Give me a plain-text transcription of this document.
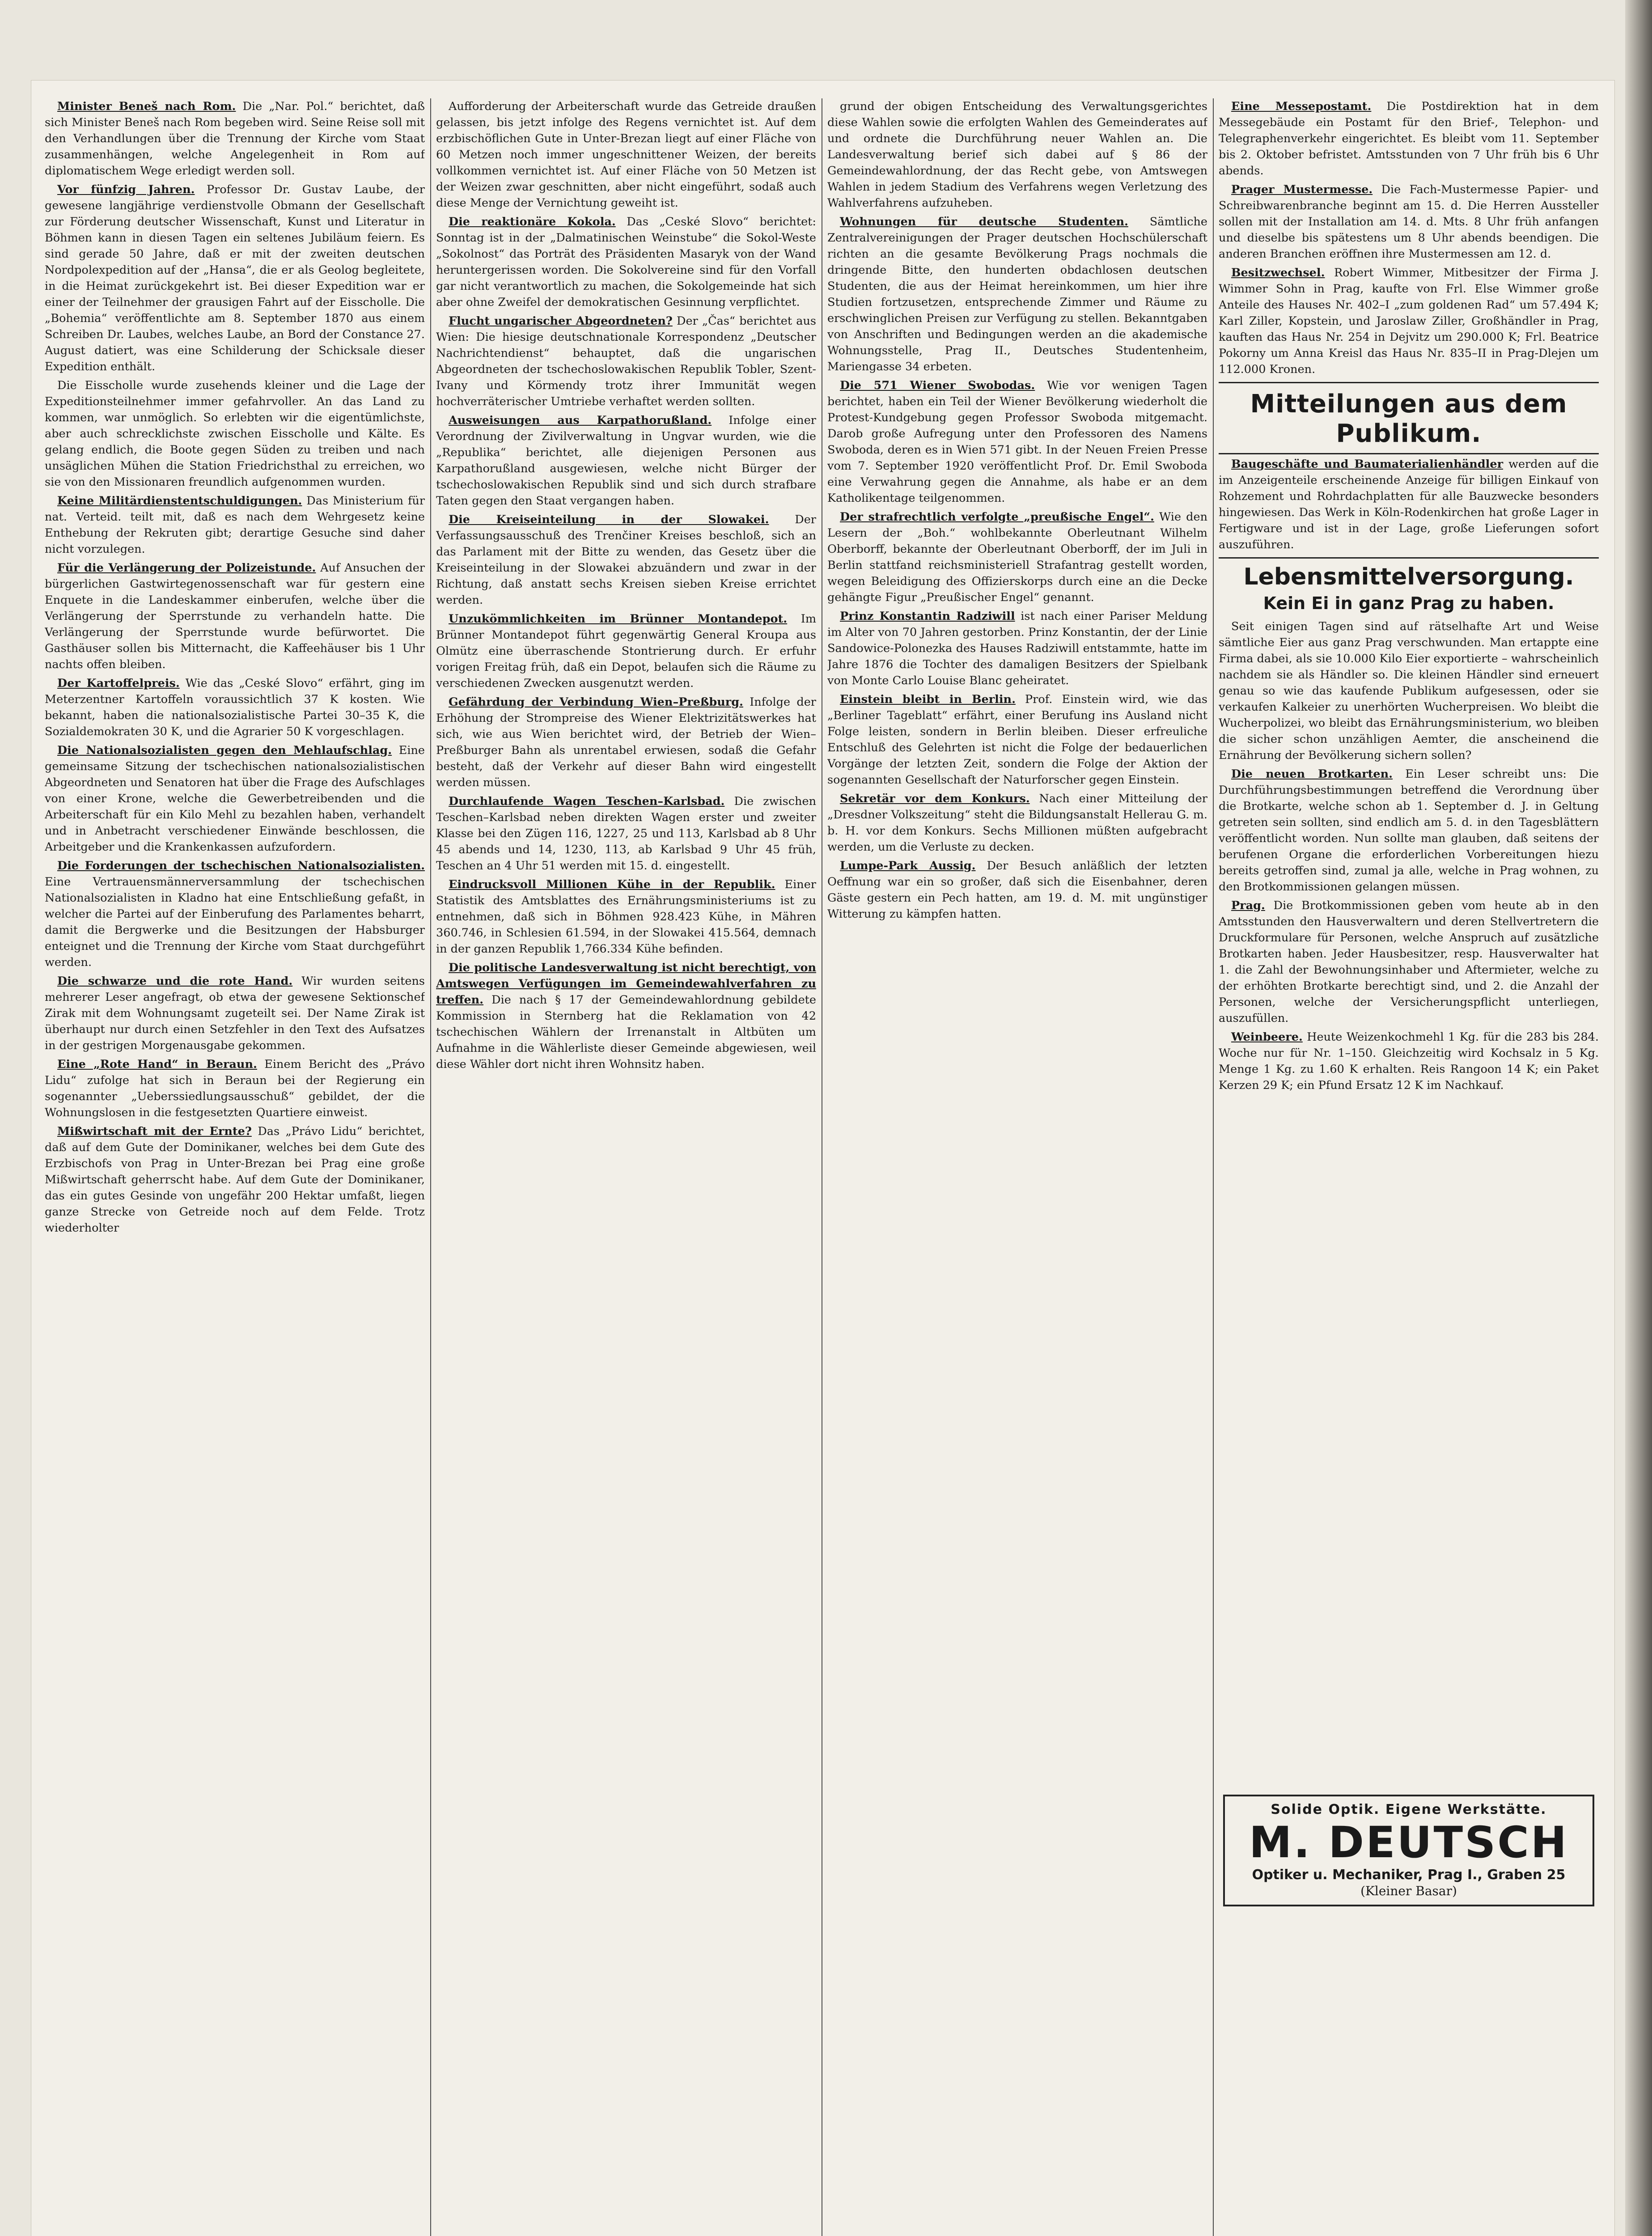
Minister Beneš nach Rom. Die „Nar. Pol.“ berichtet, daß sich Minister Beneš nach Rom begeben wird. Seine Reise soll mit den Verhandlungen über die Trennung der Kirche vom Staat zusammenhängen, welche Angelegenheit in Rom auf diplomatischem Wege erledigt werden soll.

Vor fünfzig Jahren. Professor Dr. Gustav Laube, der gewesene langjährige verdienstvolle Obmann der Gesellschaft zur Förderung deutscher Wissenschaft, Kunst und Literatur in Böhmen kann in diesen Tagen ein seltenes Jubiläum feiern. Es sind gerade 50 Jahre, daß er mit der zweiten deutschen Nordpolexpedition auf der „Hansa“, die er als Geolog begleitete, in die Heimat zurückgekehrt ist. Bei dieser Expedition war er einer der Teilnehmer der grausigen Fahrt auf der Eisscholle. Die „Bohemia“ veröffentlichte am 8. September 1870 aus einem Schreiben Dr. Laubes, welches Laube, an Bord der Constance 27. August datiert, was eine Schilderung der Schicksale dieser Expedition enthält.

Die Eisscholle wurde zusehends kleiner und die Lage der Expeditionsteilnehmer immer gefahrvoller. An das Land zu kommen, war unmöglich. So erlebten wir die eigentümlichste, aber auch schrecklichste zwischen Eisscholle und Kälte. Es gelang endlich, die Boote gegen Süden zu treiben und nach unsäglichen Mühen die Station Friedrichsthal zu erreichen, wo sie von den Missionaren freundlich aufgenommen wurden.

Keine Militärdienstentschuldigungen. Das Ministerium für nat. Verteid. teilt mit, daß es nach dem Wehrgesetz keine Enthebung der Rekruten gibt; derartige Gesuche sind daher nicht vorzulegen.

Für die Verlängerung der Polizeistunde. Auf Ansuchen der bürgerlichen Gastwirtegenossenschaft war für gestern eine Enquete in die Landeskammer einberufen, welche über die Verlängerung der Sperrstunde zu verhandeln hatte. Die Verlängerung der Sperrstunde wurde befürwortet. Die Gasthäuser sollen bis Mitternacht, die Kaffeehäuser bis 1 Uhr nachts offen bleiben.

Der Kartoffelpreis. Wie das „Ceské Slovo“ erfährt, ging im Meterzentner Kartoffeln voraussichtlich 37 K kosten. Wie bekannt, haben die nationalsozialistische Partei 30–35 K, die Sozialdemokraten 30 K, und die Agrarier 50 K vorgeschlagen.

Die Nationalsozialisten gegen den Mehlaufschlag. Eine gemeinsame Sitzung der tschechischen nationalsozialistischen Abgeordneten und Senatoren hat über die Frage des Aufschlages von einer Krone, welche die Gewerbetreibenden und die Arbeiterschaft für ein Kilo Mehl zu bezahlen haben, verhandelt und in Anbetracht verschiedener Einwände beschlossen, die Arbeitgeber und die Krankenkassen aufzufordern.

Die Forderungen der tschechischen Nationalsozialisten. Eine Vertrauensmännerversammlung der tschechischen Nationalsozialisten in Kladno hat eine Entschließung gefaßt, in welcher die Partei auf der Einberufung des Parlamentes beharrt, damit die Bergwerke und die Besitzungen der Habsburger enteignet und die Trennung der Kirche vom Staat durchgeführt werden.

Die schwarze und die rote Hand. Wir wurden seitens mehrerer Leser angefragt, ob etwa der gewesene Sektionschef Zirak mit dem Wohnungsamt zugeteilt sei. Der Name Zirak ist überhaupt nur durch einen Setzfehler in den Text des Aufsatzes in der gestrigen Morgenausgabe gekommen.

Eine „Rote Hand“ in Beraun. Einem Bericht des „Právo Lidu“ zufolge hat sich in Beraun bei der Regierung ein sogenannter „Ueberssiedlungsausschuß“ gebildet, der die Wohnungslosen in die festgesetzten Quartiere einweist.

Mißwirtschaft mit der Ernte? Das „Právo Lidu“ berichtet, daß auf dem Gute der Dominikaner, welches bei dem Gute des Erzbischofs von Prag in Unter-Brezan bei Prag eine große Mißwirtschaft geherrscht habe. Auf dem Gute der Dominikaner, das ein gutes Gesinde von ungefähr 200 Hektar umfaßt, liegen ganze Strecke von Getreide noch auf dem Felde. Trotz wiederholter

Aufforderung der Arbeiterschaft wurde das Getreide draußen gelassen, bis jetzt infolge des Regens vernichtet ist. Auf dem erzbischöflichen Gute in Unter-Brezan liegt auf einer Fläche von 60 Metzen noch immer ungeschnittener Weizen, der bereits vollkommen vernichtet ist. Auf einer Fläche von 50 Metzen ist der Weizen zwar geschnitten, aber nicht eingeführt, sodaß auch diese Menge der Vernichtung geweiht ist.

Die reaktionäre Kokola. Das „Ceské Slovo“ berichtet: Sonntag ist in der „Dalmatinischen Weinstube“ die Sokol-Weste „Sokolnost“ das Porträt des Präsidenten Masaryk von der Wand heruntergerissen worden. Die Sokolvereine sind für den Vorfall gar nicht verantwortlich zu machen, die Sokolgemeinde hat sich aber ohne Zweifel der demokratischen Gesinnung verpflichtet.

Flucht ungarischer Abgeordneten? Der „Čas“ berichtet aus Wien: Die hiesige deutschnationale Korrespondenz „Deutscher Nachrichtendienst“ behauptet, daß die ungarischen Abgeordneten der tschechoslowakischen Republik Tobler, Szent-Ivany und Körmendy trotz ihrer Immunität wegen hochverräterischer Umtriebe verhaftet werden sollten.

Ausweisungen aus Karpathorußland. Infolge einer Verordnung der Zivilverwaltung in Ungvar wurden, wie die „Republika“ berichtet, alle diejenigen Personen aus Karpathorußland ausgewiesen, welche nicht Bürger der tschechoslowakischen Republik sind und sich durch strafbare Taten gegen den Staat vergangen haben.

Die Kreiseinteilung in der Slowakei. Der Verfassungsausschuß des Trenčiner Kreises beschloß, sich an das Parlament mit der Bitte zu wenden, das Gesetz über die Kreiseinteilung in der Slowakei abzuändern und zwar in der Richtung, daß anstatt sechs Kreisen sieben Kreise errichtet werden.

Unzukömmlichkeiten im Brünner Montandepot. Im Brünner Montandepot führt gegenwärtig General Kroupa aus Olmütz eine überraschende Stontrierung durch. Er erfuhr vorigen Freitag früh, daß ein Depot, belaufen sich die Räume zu verschiedenen Zwecken ausgenutzt werden.

Gefährdung der Verbindung Wien–Preßburg. Infolge der Erhöhung der Strompreise des Wiener Elektrizitätswerkes hat sich, wie aus Wien berichtet wird, der Betrieb der Wien–Preßburger Bahn als unrentabel erwiesen, sodaß die Gefahr besteht, daß der Verkehr auf dieser Bahn wird eingestellt werden müssen.

Durchlaufende Wagen Teschen–Karlsbad. Die zwischen Teschen–Karlsbad neben direkten Wagen erster und zweiter Klasse bei den Zügen 116, 1227, 25 und 113, Karlsbad ab 8 Uhr 45 abends und 14, 1230, 113, ab Karlsbad 9 Uhr 45 früh, Teschen an 4 Uhr 51 werden mit 15. d. eingestellt.

Eindrucksvoll Millionen Kühe in der Republik. Einer Statistik des Amtsblattes des Ernährungsministeriums ist zu entnehmen, daß sich in Böhmen 928.423 Kühe, in Mähren 360.746, in Schlesien 61.594, in der Slowakei 415.564, demnach in der ganzen Republik 1,766.334 Kühe befinden.

Die politische Landesverwaltung ist nicht berechtigt, von Amtswegen Verfügungen im Gemeindewahlverfahren zu treffen. Die nach § 17 der Gemeindewahlordnung gebildete Kommission in Sternberg hat die Reklamation von 42 tschechischen Wählern der Irrenanstalt in Altbüten um Aufnahme in die Wählerliste dieser Gemeinde abgewiesen, weil diese Wähler dort nicht ihren Wohnsitz haben.

grund der obigen Entscheidung des Verwaltungsgerichtes diese Wahlen sowie die erfolgten Wahlen des Gemeinderates auf und ordnete die Durchführung neuer Wahlen an. Die Landesverwaltung berief sich dabei auf § 86 der Gemeindewahlordnung, der das Recht gebe, von Amtswegen Wahlen in jedem Stadium des Verfahrens wegen Verletzung des Wahlverfahrens aufzuheben.

Wohnungen für deutsche Studenten. Sämtliche Zentralvereinigungen der Prager deutschen Hochschülerschaft richten an die gesamte Bevölkerung Prags nochmals die dringende Bitte, den hunderten obdachlosen deutschen Studenten, die aus der Heimat hereinkommen, um hier ihre Studien fortzusetzen, entsprechende Zimmer und Räume zu erschwinglichen Preisen zur Verfügung zu stellen. Bekanntgaben von Anschriften und Bedingungen werden an die akademische Wohnungsstelle, Prag II., Deutsches Studentenheim, Mariengasse 34 erbeten.

Die 571 Wiener Swobodas. Wie vor wenigen Tagen berichtet, haben ein Teil der Wiener Bevölkerung wiederholt die Protest-Kundgebung gegen Professor Swoboda mitgemacht. Darob große Aufregung unter den Professoren des Namens Swoboda, deren es in Wien 571 gibt. In der Neuen Freien Presse vom 7. September 1920 veröffentlicht Prof. Dr. Emil Swoboda eine Verwahrung gegen die Annahme, als habe er an dem Katholikentage teilgenommen.

Der strafrechtlich verfolgte „preußische Engel“. Wie den Lesern der „Boh.“ wohlbekannte Oberleutnant Wilhelm Oberborff, bekannte der Oberleutnant Oberborff, der im Juli in Berlin stattfand reichsministeriell Strafantrag gestellt worden, wegen Beleidigung des Offizierskorps durch eine an die Decke gehängte Figur „Preußischer Engel“ genannt.

Prinz Konstantin Radziwill ist nach einer Pariser Meldung im Alter von 70 Jahren gestorben. Prinz Konstantin, der der Linie Sandowice-Polonezka des Hauses Radziwill entstammte, hatte im Jahre 1876 die Tochter des damaligen Besitzers der Spielbank von Monte Carlo Louise Blanc geheiratet.

Einstein bleibt in Berlin. Prof. Einstein wird, wie das „Berliner Tageblatt“ erfährt, einer Berufung ins Ausland nicht Folge leisten, sondern in Berlin bleiben. Dieser erfreuliche Entschluß des Gelehrten ist nicht die Folge der bedauerlichen Vorgänge der letzten Zeit, sondern die Folge der Aktion der sogenannten Gesellschaft der Naturforscher gegen Einstein.

Sekretär vor dem Konkurs. Nach einer Mitteilung der „Dresdner Volkszeitung“ steht die Bildungsanstalt Hellerau G. m. b. H. vor dem Konkurs. Sechs Millionen müßten aufgebracht werden, um die Verluste zu decken.

Lumpe-Park Aussig. Der Besuch anläßlich der letzten Oeffnung war ein so großer, daß sich die Eisenbahner, deren Gäste gestern ein Pech hatten, am 19. d. M. mit ungünstiger Witterung zu kämpfen hatten.

Eine Messepostamt. Die Postdirektion hat in dem Messegebäude ein Postamt für den Brief-, Telephon- und Telegraphenverkehr eingerichtet. Es bleibt vom 11. September bis 2. Oktober befristet. Amtsstunden von 7 Uhr früh bis 6 Uhr abends.

Prager Mustermesse. Die Fach-Mustermesse Papier- und Schreibwarenbranche beginnt am 15. d. Die Herren Aussteller sollen mit der Installation am 14. d. Mts. 8 Uhr früh anfangen und dieselbe bis spätestens um 8 Uhr abends beendigen. Die anderen Branchen eröffnen ihre Mustermessen am 12. d.

Besitzwechsel. Robert Wimmer, Mitbesitzer der Firma J. Wimmer Sohn in Prag, kaufte von Frl. Else Wimmer große Anteile des Hauses Nr. 402–I „zum goldenen Rad“ um 57.494 K; Karl Ziller, Kopstein, und Jaroslaw Ziller, Großhändler in Prag, kauften das Haus Nr. 254 in Dejvitz um 290.000 K; Frl. Beatrice Pokorny um Anna Kreisl das Haus Nr. 835–II in Prag-Dlejen um 112.000 Kronen.

Mitteilungen aus dem Publikum.

Baugeschäfte und Baumaterialienhändler werden auf die im Anzeigenteile erscheinende Anzeige für billigen Einkauf von Rohzement und Rohrdachplatten für alle Bauzwecke besonders hingewiesen. Das Werk in Köln-Rodenkirchen hat große Lager in Fertigware und ist in der Lage, große Lieferungen sofort auszuführen.

Lebensmittelversorgung.
Kein Ei in ganz Prag zu haben.

Seit einigen Tagen sind auf rätselhafte Art und Weise sämtliche Eier aus ganz Prag verschwunden. Man ertappte eine Firma dabei, als sie 10.000 Kilo Eier exportierte – wahrscheinlich nachdem sie als Händler so. Die kleinen Händler sind erneuert genau so wie das kaufende Publikum aufgesessen, oder sie verkaufen Kalkeier zu unerhörten Wucherpreisen. Wo bleibt die Wucherpolizei, wo bleibt das Ernährungsministerium, wo bleiben die sicher schon unzähligen Aemter, die anscheinend die Ernährung der Bevölkerung sichern sollen?

Die neuen Brotkarten. Ein Leser schreibt uns: Die Durchführungsbestimmungen betreffend die Verordnung über die Brotkarte, welche schon ab 1. September d. J. in Geltung getreten sein sollten, sind endlich am 5. d. in den Tagesblättern veröffentlicht worden. Nun sollte man glauben, daß seitens der berufenen Organe die erforderlichen Vorbereitungen hiezu bereits getroffen sind, zumal ja alle, welche in Prag wohnen, zu den Brotkommissionen gelangen müssen.

Prag. Die Brotkommissionen geben vom heute ab in den Amtsstunden den Hausverwaltern und deren Stellvertretern die Druckformulare für Personen, welche Anspruch auf zusätzliche Brotkarten haben. Jeder Hausbesitzer, resp. Hausverwalter hat 1. die Zahl der Bewohnungsinhaber und Aftermieter, welche zu der erhöhten Brotkarte berechtigt sind, und 2. die Anzahl der Personen, welche der Versicherungspflicht unterliegen, auszufüllen.

Weinbeere. Heute Weizenkochmehl 1 Kg. für die 283 bis 284. Woche nur für Nr. 1–150. Gleichzeitig wird Kochsalz in 5 Kg. Menge 1 Kg. zu 1.60 K erhalten. Reis Rangoon 14 K; ein Paket Kerzen 29 K; ein Pfund Ersatz 12 K im Nachkauf.

Solide Optik. Eigene Werkstätte.
M. DEUTSCH
Optiker u. Mechaniker, Prag I., Graben 25
(Kleiner Basar)
